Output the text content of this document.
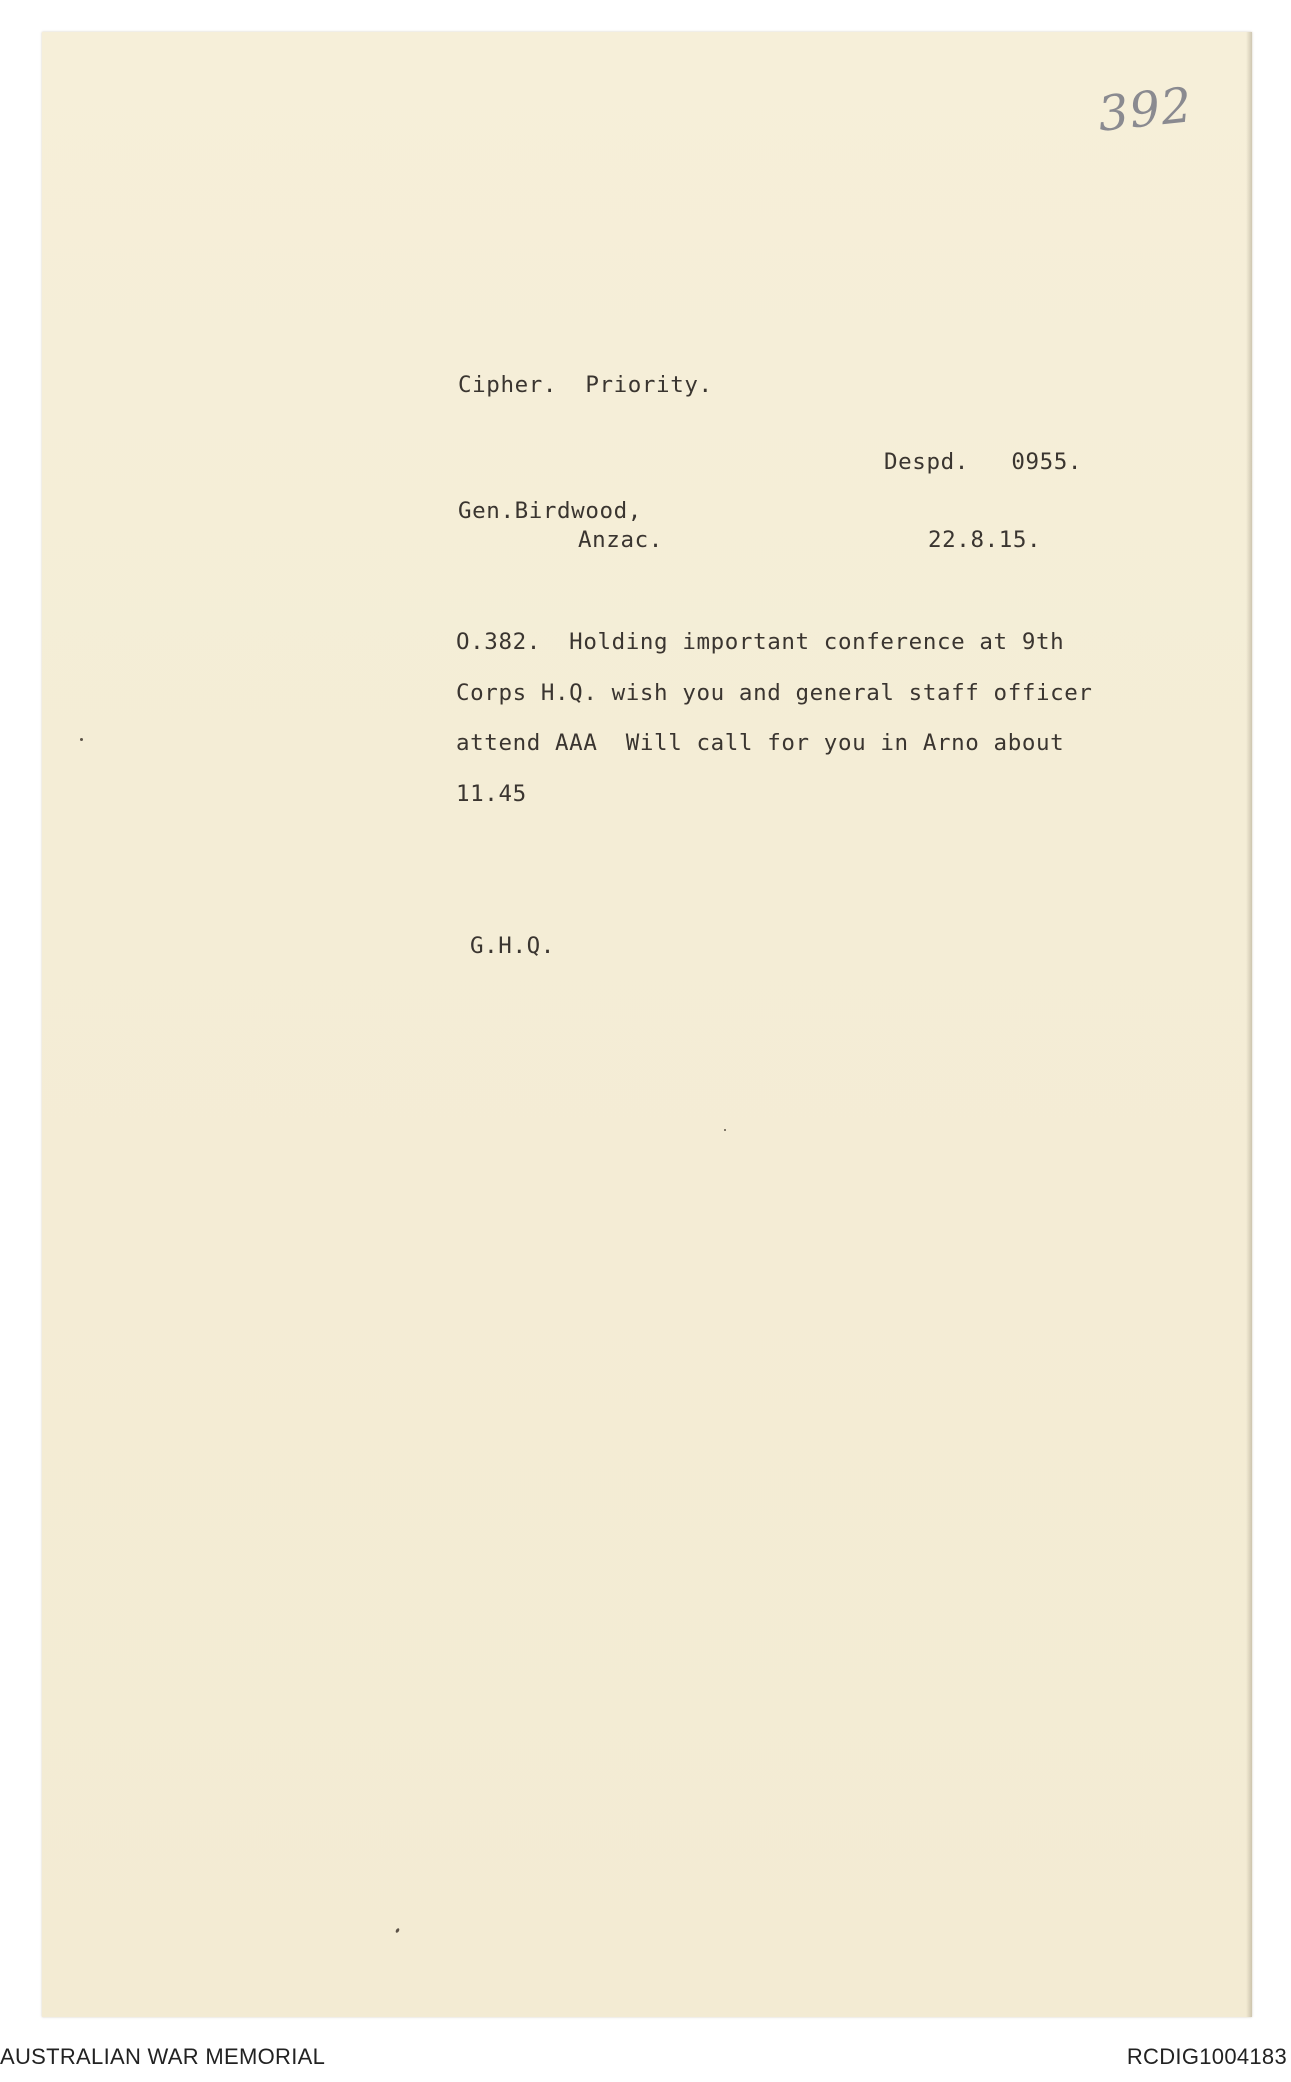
392
Cipher.  Priority.
Despd.   0955.
Gen.Birdwood,
Anzac.	22.8.15.
O.382.  Holding important conference at 9th
Corps H.Q. wish you and general staff officer
attend AAA  Will call for you in Arno about
11.45
G.H.Q.
AUSTRALIAN WAR MEMORIAL	RCDIG1004183
